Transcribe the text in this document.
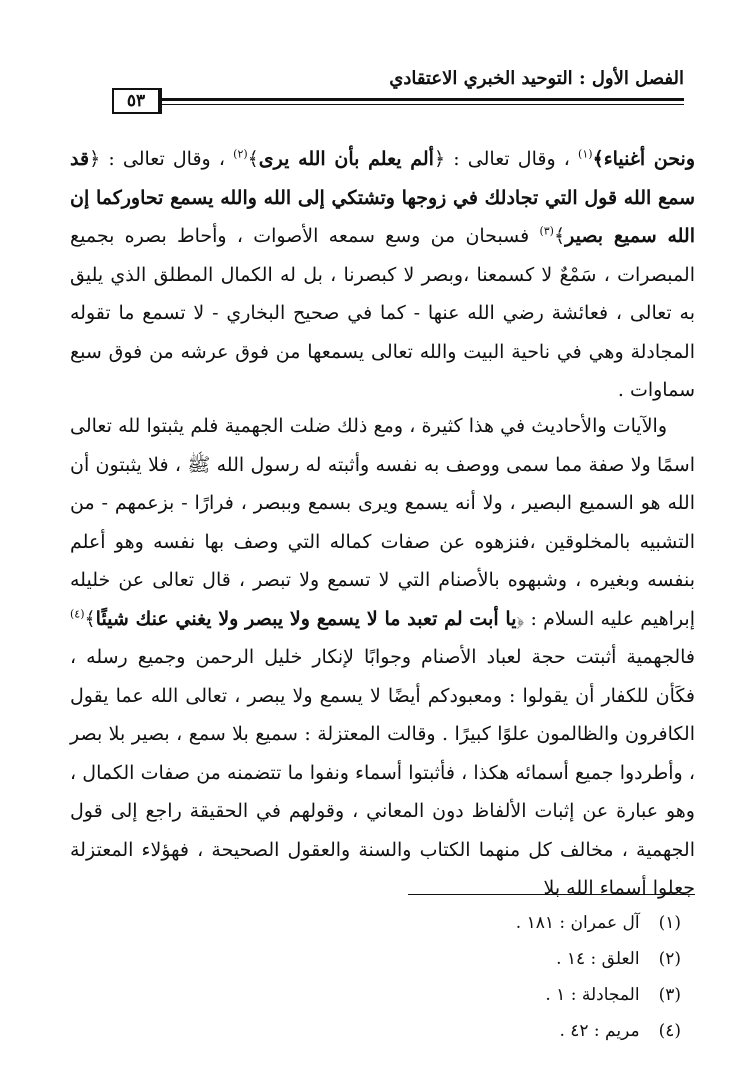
الفصل الأول : التوحيد الخبري الاعتقادي
٥٣

ونحن أغنياء﴾$^{(١)}$ ، وقال تعالى : ﴿ألم يعلم بأن الله يرى﴾$^{(٢)}$ ، وقال تعالى : ﴿قد سمع الله قول التي تجادلك في زوجها وتشتكي إلى الله والله يسمع تحاوركما إن الله سميع بصير﴾$^{(٣)}$ فسبحان من وسع سمعه الأصوات ، وأحاط بصره بجميع المبصرات ، سَمْعٌ لا كسمعنا ،وبصر لا كبصرنا ، بل له الكمال المطلق الذي يليق به تعالى ، فعائشة رضي الله عنها - كما في صحيح البخاري - لا تسمع ما تقوله المجادلة وهي في ناحية البيت والله تعالى يسمعها من فوق عرشه من فوق سبع سماوات .

والآيات والأحاديث في هذا كثيرة ، ومع ذلك ضلت الجهمية فلم يثبتوا لله تعالى اسمًا ولا صفة مما سمى ووصف به نفسه وأثبته له رسول الله ﷺ ، فلا يثبتون أن الله هو السميع البصير ، ولا أنه يسمع ويرى بسمع وببصر ، فرارًا - بزعمهم - من التشبيه بالمخلوقين ،فنزهوه عن صفات كماله التي وصف بها نفسه وهو أعلم بنفسه وبغيره ، وشبهوه بالأصنام التي لا تسمع ولا تبصر ، قال تعالى عن خليله إبراهيم عليه السلام : ﴿يا أبت لم تعبد ما لا يسمع ولا يبصر ولا يغني عنك شيئًا﴾$^{(٤)}$ فالجهمية أثبتت حجة لعباد الأصنام وجوابًا لإنكار خليل الرحمن وجميع رسله ، فكَأن للكفار أن يقولوا : ومعبودكم أيضًا لا يسمع ولا يبصر ، تعالى الله عما يقول الكافرون والظالمون علوًا كبيرًا . وقالت المعتزلة : سميع بلا سمع ، بصير بلا بصر ، وأطردوا جميع أسمائه هكذا ، فأثبتوا أسماء ونفوا ما تتضمنه من صفات الكمال ، وهو عبارة عن إثبات الألفاظ دون المعاني ، وقولهم في الحقيقة راجع إلى قول الجهمية ، مخالف كل منهما الكتاب والسنة والعقول الصحيحة ، فهؤلاء المعتزلة جعلوا أسماء الله بلا

(١) آل عمران : ١٨١ .
(٢) العلق : ١٤ .
(٣) المجادلة : ١ .
(٤) مريم : ٤٢ .
